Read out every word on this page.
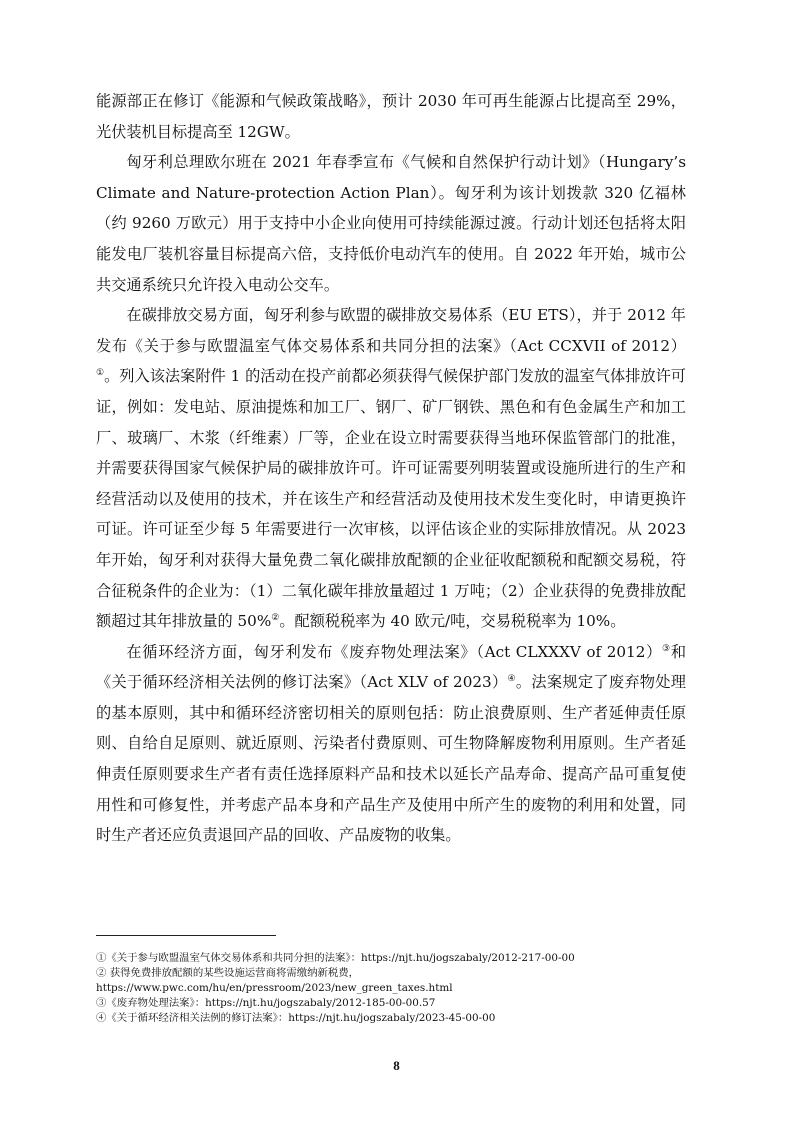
能源部正在修订《能源和气候政策战略》，预计 2030 年可再生能源占比提高至 29%，光伏装机目标提高至 12GW。

匈牙利总理欧尔班在 2021 年春季宣布《气候和自然保护行动计划》（Hungary’s Climate and Nature-protection Action Plan）。匈牙利为该计划拨款 320 亿福林（约 9260 万欧元）用于支持中小企业向使用可持续能源过渡。行动计划还包括将太阳能发电厂装机容量目标提高六倍，支持低价电动汽车的使用。自 2022 年开始，城市公共交通系统只允许投入电动公交车。

在碳排放交易方面，匈牙利参与欧盟的碳排放交易体系（EU ETS），并于 2012 年发布《关于参与欧盟温室气体交易体系和共同分担的法案》（Act CCXVII of 2012）①。列入该法案附件 1 的活动在投产前都必须获得气候保护部门发放的温室气体排放许可证，例如：发电站、原油提炼和加工厂、钢厂、矿厂钢铁、黑色和有色金属生产和加工厂、玻璃厂、木浆（纤维素）厂等，企业在设立时需要获得当地环保监管部门的批准，并需要获得国家气候保护局的碳排放许可。许可证需要列明装置或设施所进行的生产和经营活动以及使用的技术，并在该生产和经营活动及使用技术发生变化时，申请更换许可证。许可证至少每 5 年需要进行一次审核，以评估该企业的实际排放情况。从 2023 年开始，匈牙利对获得大量免费二氧化碳排放配额的企业征收配额税和配额交易税，符合征税条件的企业为：（1）二氧化碳年排放量超过 1 万吨；（2）企业获得的免费排放配额超过其年排放量的 50%②。配额税税率为 40 欧元/吨，交易税税率为 10%。

在循环经济方面，匈牙利发布《废弃物处理法案》（Act CLXXXV of 2012）③和《关于循环经济相关法例的修订法案》（Act XLV of 2023）④。法案规定了废弃物处理的基本原则，其中和循环经济密切相关的原则包括：防止浪费原则、生产者延伸责任原则、自给自足原则、就近原则、污染者付费原则、可生物降解废物利用原则。生产者延伸责任原则要求生产者有责任选择原料产品和技术以延长产品寿命、提高产品可重复使用性和可修复性，并考虑产品本身和产品生产及使用中所产生的废物的利用和处置，同时生产者还应负责退回产品的回收、产品废物的收集。

①《关于参与欧盟温室气体交易体系和共同分担的法案》：https://njt.hu/jogszabaly/2012-217-00-00

② 获得免费排放配额的某些设施运营商将需缴纳新税费，

https://www.pwc.com/hu/en/pressroom/2023/new_green_taxes.html

③《废弃物处理法案》：https://njt.hu/jogszabaly/2012-185-00-00.57

④《关于循环经济相关法例的修订法案》：https://njt.hu/jogszabaly/2023-45-00-00

8
